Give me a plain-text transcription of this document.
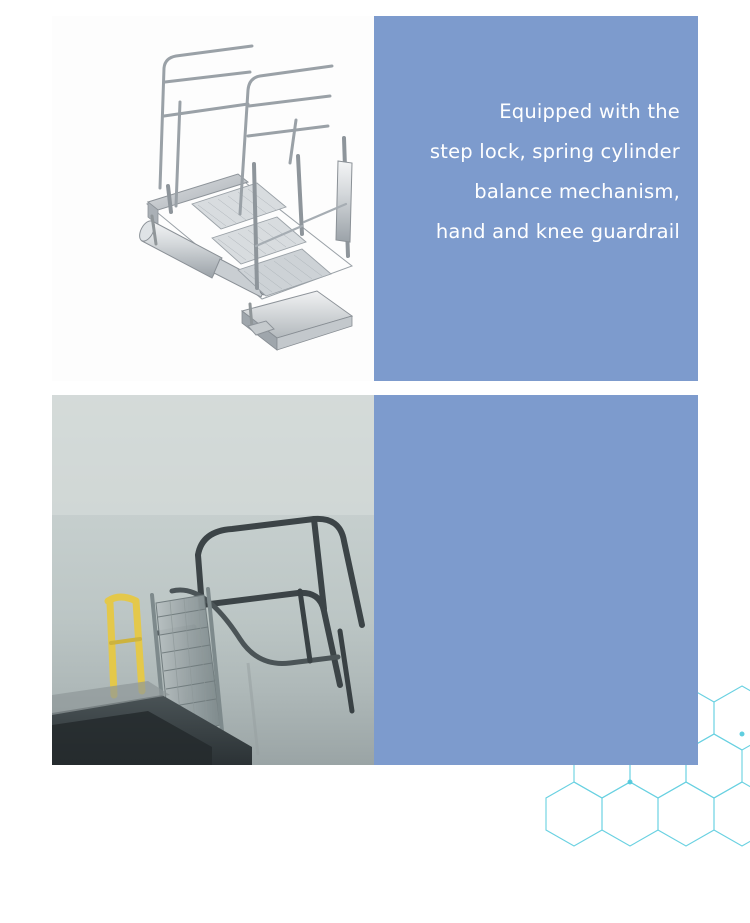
Equipped with the
step lock, spring cylinder
balance mechanism,
hand and knee guardrail
All metal steps are
all galvanized.
